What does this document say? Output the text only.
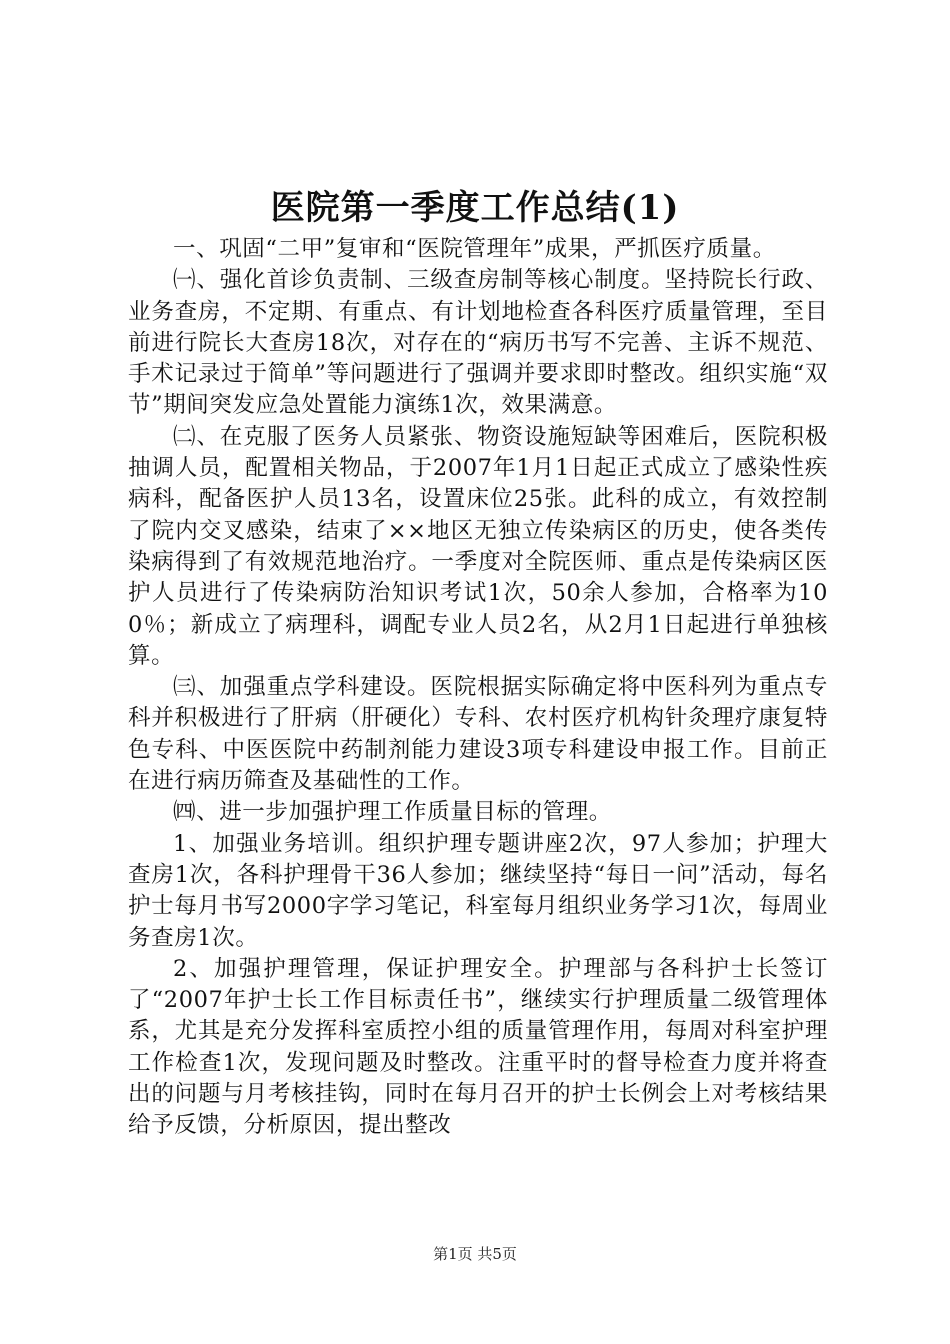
医院第一季度工作总结(1)

一、巩固“二甲”复审和“医院管理年”成果，严抓医疗质量。

㈠、强化首诊负责制、三级查房制等核心制度。坚持院长行政、业务查房，不定期、有重点、有计划地检查各科医疗质量管理，至目前进行院长大查房18次，对存在的“病历书写不完善、主诉不规范、手术记录过于简单”等问题进行了强调并要求即时整改。组织实施“双节”期间突发应急处置能力演练1次，效果满意。

㈡、在克服了医务人员紧张、物资设施短缺等困难后，医院积极抽调人员，配置相关物品，于2007年1月1日起正式成立了感染性疾病科，配备医护人员13名，设置床位25张。此科的成立，有效控制了院内交叉感染，结束了××地区无独立传染病区的历史，使各类传染病得到了有效规范地治疗。一季度对全院医师、重点是传染病区医护人员进行了传染病防治知识考试1次，50余人参加，合格率为100％；新成立了病理科，调配专业人员2名，从2月1日起进行单独核算。

㈢、加强重点学科建设。医院根据实际确定将中医科列为重点专科并积极进行了肝病（肝硬化）专科、农村医疗机构针灸理疗康复特色专科、中医医院中药制剂能力建设3项专科建设申报工作。目前正在进行病历筛查及基础性的工作。

㈣、进一步加强护理工作质量目标的管理。

1、加强业务培训。组织护理专题讲座2次，97人参加；护理大查房1次，各科护理骨干36人参加；继续坚持“每日一问”活动，每名护士每月书写2000字学习笔记，科室每月组织业务学习1次，每周业务查房1次。

2、加强护理管理，保证护理安全。护理部与各科护士长签订了“2007年护士长工作目标责任书”，继续实行护理质量二级管理体系，尤其是充分发挥科室质控小组的质量管理作用，每周对科室护理工作检查1次，发现问题及时整改。注重平时的督导检查力度并将查出的问题与月考核挂钩，同时在每月召开的护士长例会上对考核结果给予反馈，分析原因，提出整改

第1页 共5页
